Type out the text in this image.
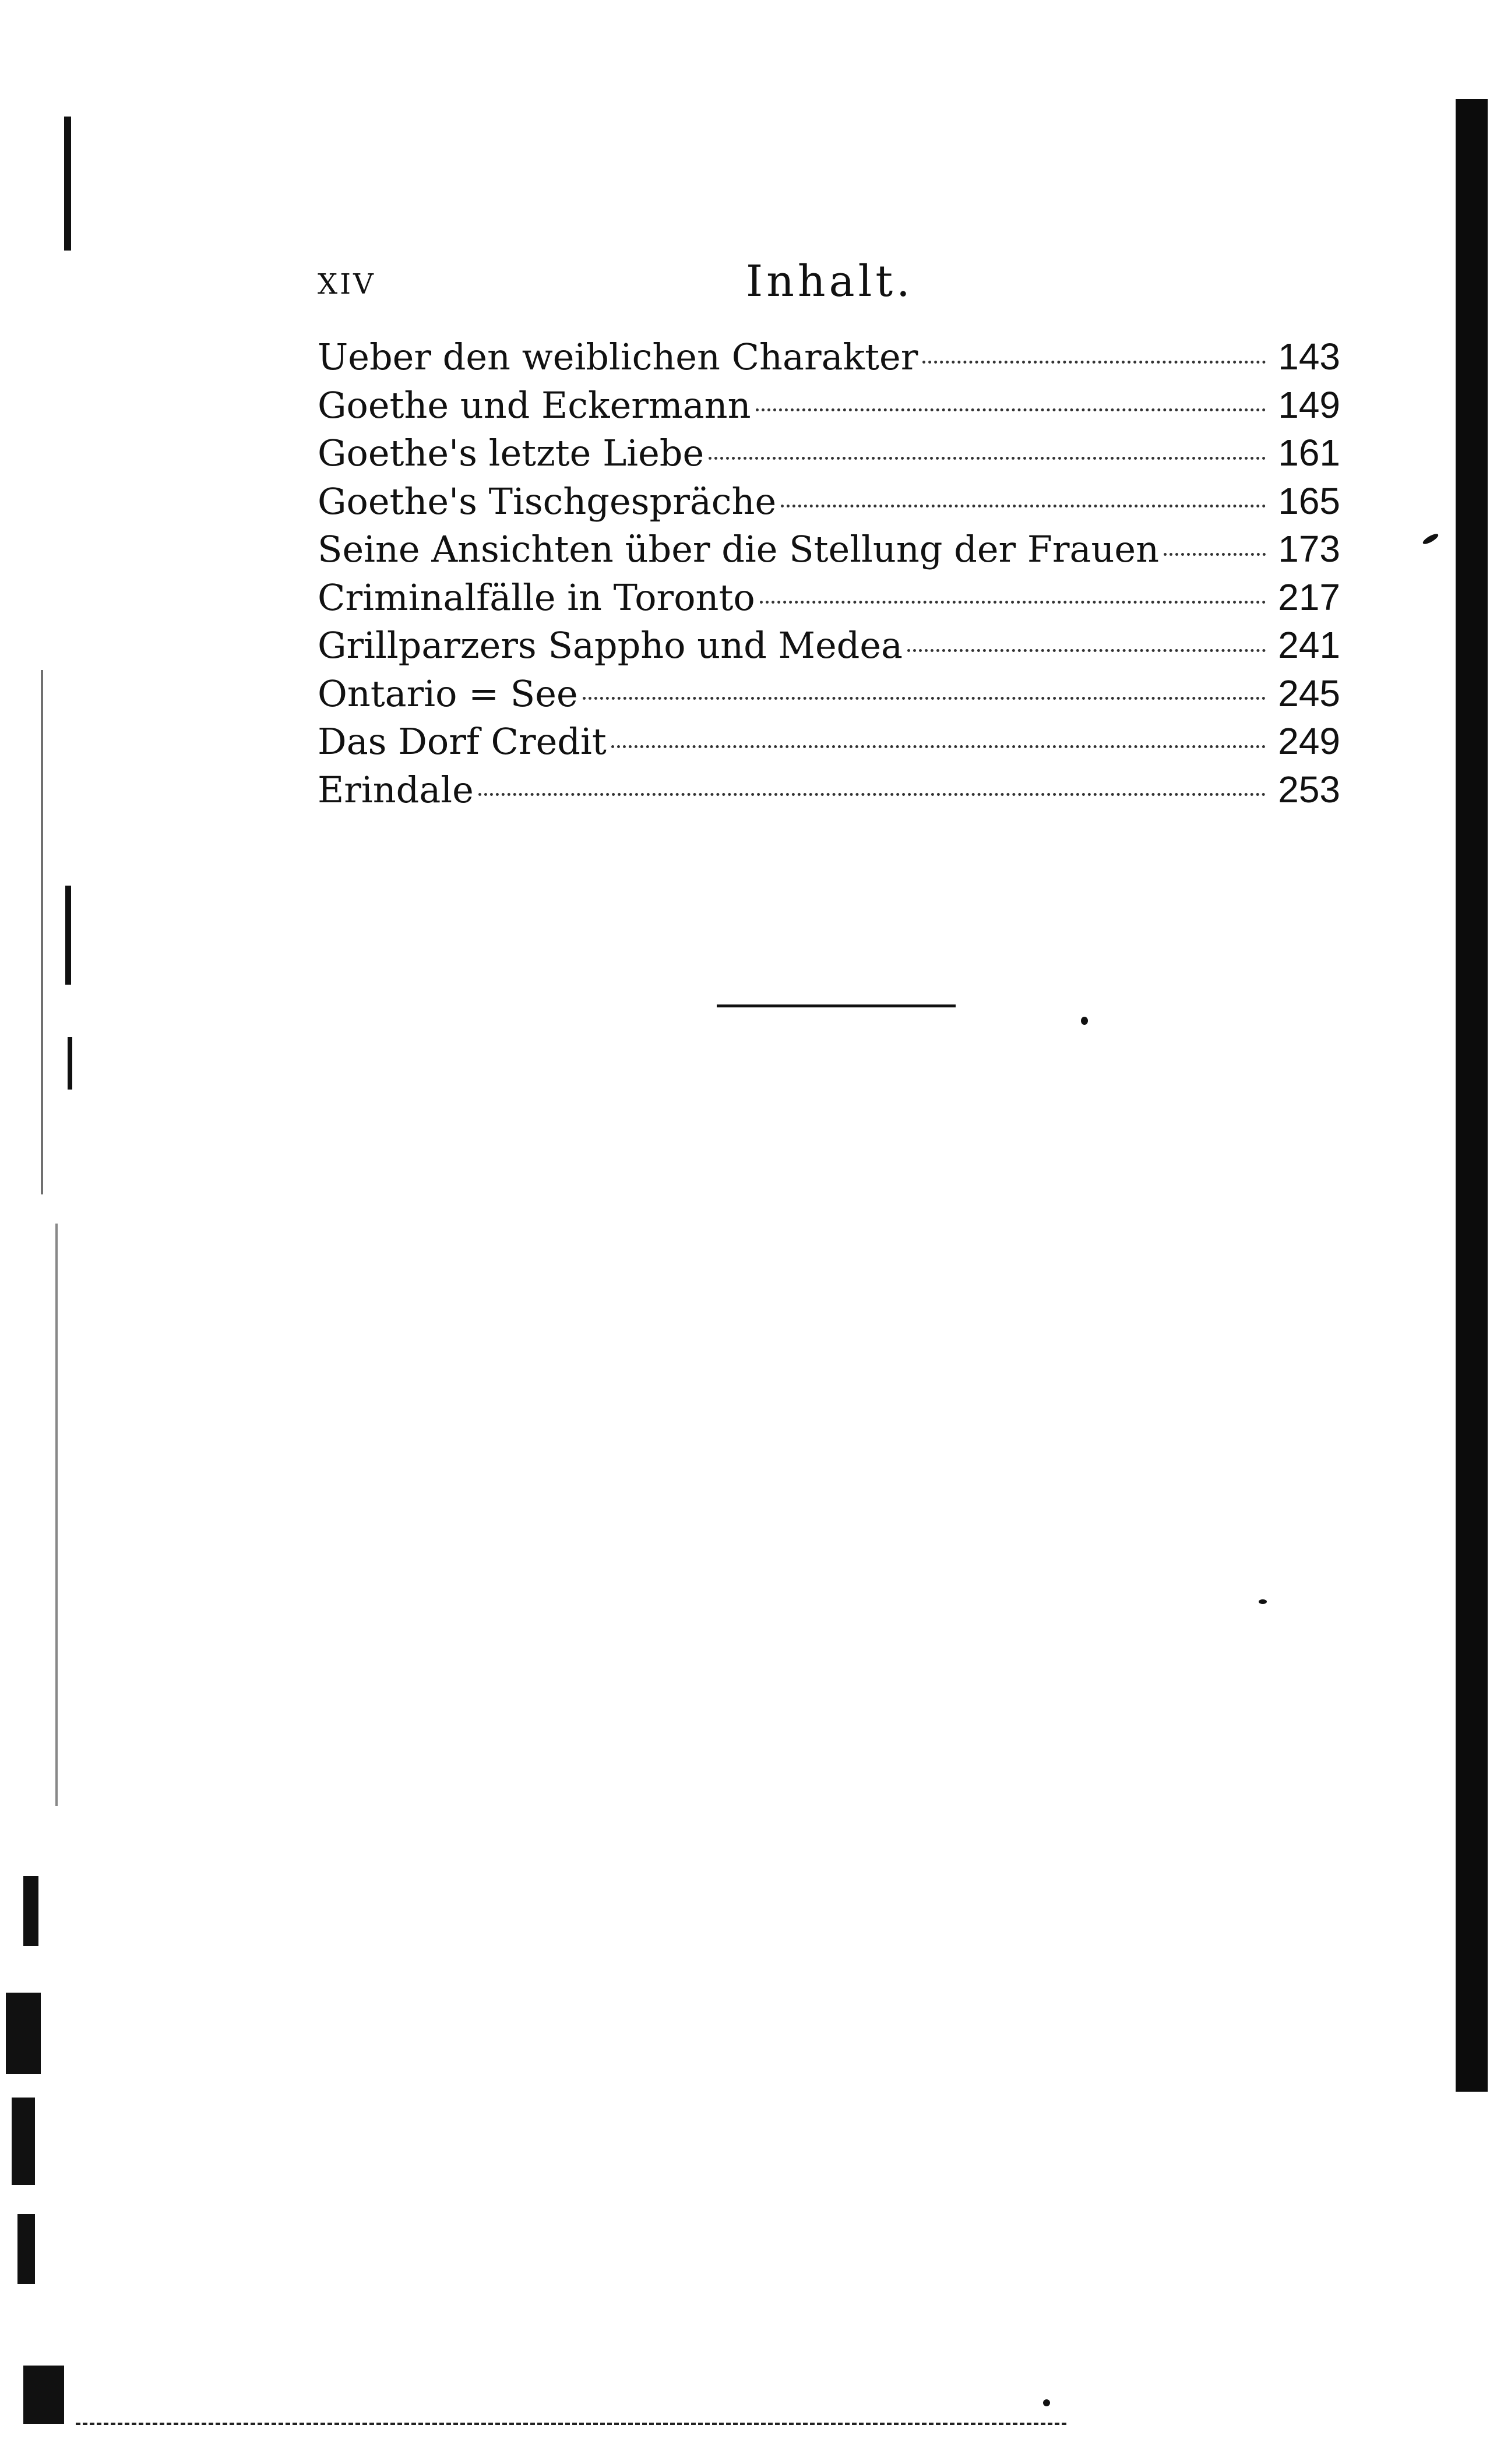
XIV	Inhalt.
Ueber den weiblichen Charakter	143
Goethe und Eckermann	149
Goethe's letzte Liebe	161
Goethe's Tischgespräche	165
Seine Ansichten über die Stellung der Frauen	173
Criminalfälle in Toronto	217
Grillparzers Sappho und Medea	241
Ontario = See	245
Das Dorf Credit	249
Erindale	253
